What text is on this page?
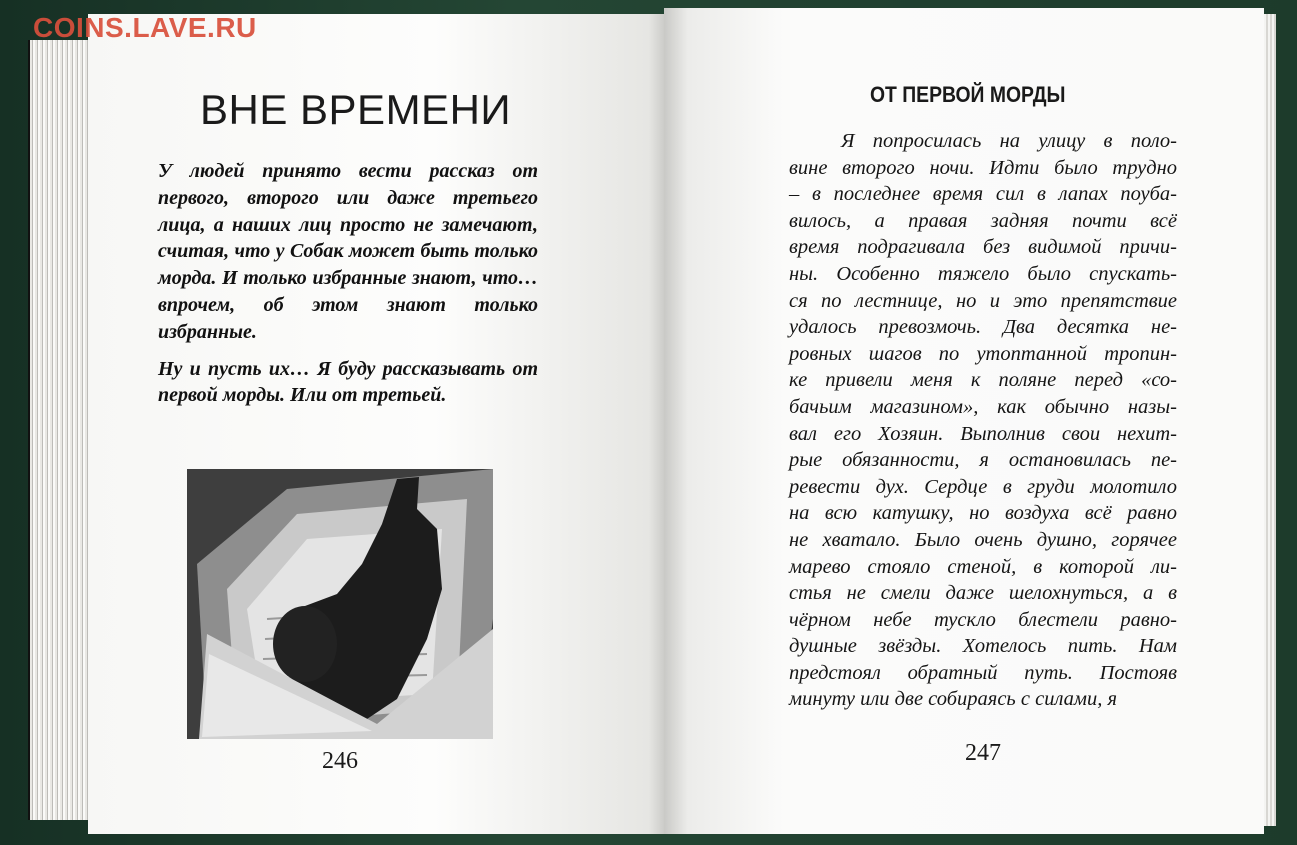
COINS.LAVE.RU
ВНЕ ВРЕМЕНИ

У людей принято вести рассказ от первого, второго или даже третьего лица, а наших лиц просто не замечают, считая, что у Собак может быть только морда. И только избранные знают, что… впрочем, об этом знают только избранные.

Ну и пусть их… Я буду рассказывать от первой морды. Или от третьей.

246
ОТ ПЕРВОЙ МОРДЫ
Я попросилась на улицу в поло-
вине второго ночи. Идти было трудно
– в последнее время сил в лапах поуба-
вилось, а правая задняя почти всё
время подрагивала без видимой причи-
ны. Особенно тяжело было спускать-
ся по лестнице, но и это препятствие
удалось превозмочь. Два десятка не-
ровных шагов по утоптанной тропин-
ке привели меня к поляне перед «со-
бачьим магазином», как обычно назы-
вал его Хозяин. Выполнив свои нехит-
рые обязанности, я остановилась пе-
ревести дух. Сердце в груди молотило
на всю катушку, но воздуха всё равно
не хватало. Было очень душно, горячее
марево стояло стеной, в которой ли-
стья не смели даже шелохнуться, а в
чёрном небе тускло блестели равно-
душные звёзды. Хотелось пить. Нам
предстоял обратный путь. Постояв
минуту или две собираясь с силами, я
247
